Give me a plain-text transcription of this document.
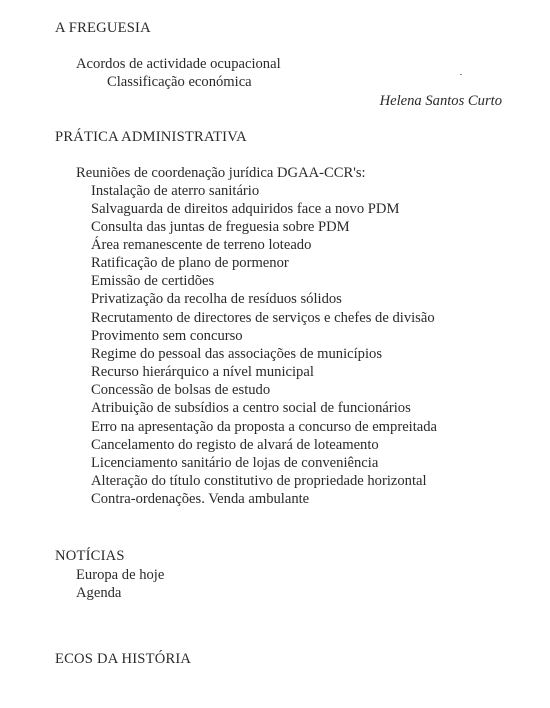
A FREGUESIA
Acordos de actividade ocupacional
Classificação económica
Helena Santos Curto
PRÁTICA ADMINISTRATIVA
Reuniões de coordenação jurídica DGAA-CCR's:
Instalação de aterro sanitário
Salvaguarda de direitos adquiridos face a novo PDM
Consulta das juntas de freguesia sobre PDM
Área remanescente de terreno loteado
Ratificação de plano de pormenor
Emissão de certidões
Privatização da recolha de resíduos sólidos
Recrutamento de directores de serviços e chefes de divisão
Provimento sem concurso
Regime do pessoal das associações de municípios
Recurso hierárquico a nível municipal
Concessão de bolsas de estudo
Atribuição de subsídios a centro social de funcionários
Erro na apresentação da proposta a concurso de empreitada
Cancelamento do registo de alvará de loteamento
Licenciamento sanitário de lojas de conveniência
Alteração do título constitutivo de propriedade horizontal
Contra-ordenações. Venda ambulante
NOTÍCIAS
Europa de hoje
Agenda
ECOS DA HISTÓRIA
